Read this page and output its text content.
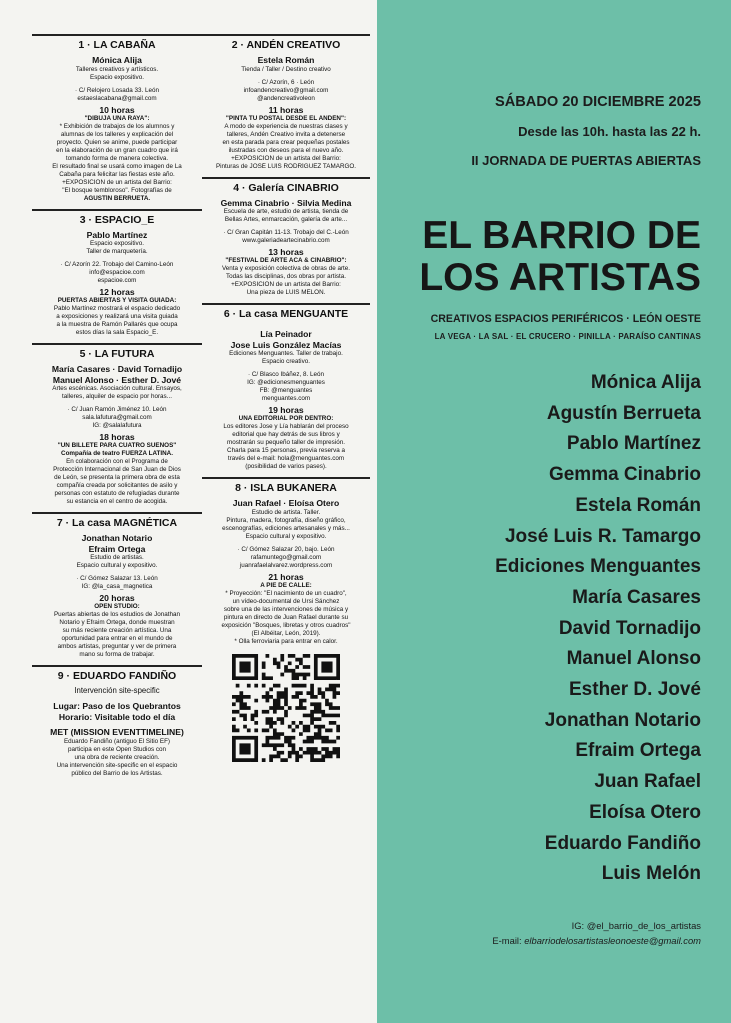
1 · LA CABAÑA
Mónica Alija
Talleres creativos y artísticos.
Espacio expositivo.
· C/ Relojero Losada 33. León
estaeslacabana@gmail.com
10 horas
"DIBUJA UNA RAYA":
* Exhibición de trabajos de los alumnos y
alumnas de los talleres y explicación del
proyecto. Quien se anime, puede participar
en la elaboración de un gran cuadro que irá
tomando forma de manera colectiva.
El resultado final se usará como imagen de La
Cabaña para felicitar las fiestas este año.
+EXPOSICIÓN de un artista del Barrio:
"El bosque tembloroso". Fotografías de
AGUSTÍN BERRUETA.
3 · ESPACIO_E
Pablo Martínez
Espacio expositivo.
Taller de marquetería.
· C/ Azorín 22. Trobajo del Camino-León
info@espacioe.com
espacioe.com
12 horas
PUERTAS ABIERTAS Y VISITA GUIADA:
Pablo Martínez mostrará el espacio dedicado
a exposiciones y realizará una visita guiada
a la muestra de Ramón Pallarés que ocupa
estos días la sala Espacio_E.
5 · LA FUTURA
María Casares · David Tornadijo
Manuel Alonso · Esther D. Jové
Artes escénicas. Asociación cultural. Ensayos,
talleres, alquiler de espacio por horas...
· C/ Juan Ramón Jiménez 10. León
sala.lafutura@gmail.com
IG: @salalafutura
18 horas
"UN BILLETE PARA CUATRO SUEÑOS"
Compañía de teatro FUERZA LATINA.
En colaboración con el Programa de
Protección Internacional de San Juan de Dios
de León, se presenta la primera obra de esta
compañía creada por solicitantes de asilo y
personas con estatuto de refugiadas durante
su estancia en el centro de acogida.
7 · La casa MAGNÉTICA
Jonathan Notario
Efraim Ortega
Estudio de artistas.
Espacio cultural y expositivo.
· C/ Gómez Salazar 13. León
IG: @la_casa_magnetica
20 horas
OPEN STUDIO:
Puertas abiertas de los estudios de Jonathan
Notario y Efraim Ortega, donde muestran
su más reciente creación artística. Una
oportunidad para entrar en el mundo de
ambos artistas, preguntar y ver de primera
mano su forma de trabajar.
9 · EDUARDO FANDIÑO
Intervención site-specific
Lugar: Paso de los Quebrantos
Horario: Visitable todo el día
MET (MISSION EVENTTIMELINE)
Eduardo Fandiño (antiguo El Sitio EF)
participa en este Open Studios con
una obra de reciente creación.
Una intervención site-specific en el espacio
público del Barrio de los Artistas.
2 · ANDÉN CREATIVO
Estela Román
Tienda / Taller / Destino creativo
· C/ Azorín, 6 · León
infoandencreativo@gmail.com
@andencreativoleon
11 horas
"PINTA TU POSTAL DESDE EL ANDÉN":
A modo de experiencia de nuestras clases y
talleres, Andén Creativo invita a detenerse
en esta parada para crear pequeñas postales
ilustradas con deseos para el nuevo año.
+EXPOSICIÓN de un artista del Barrio:
Pinturas de JOSÉ LUIS RODRÍGUEZ TAMARGO.
4 · Galería CINABRIO
Gemma Cinabrio · Silvia Medina
Escuela de arte, estudio de artista, tienda de
Bellas Artes, enmarcación, galería de arte...
· C/ Gran Capitán 11-13. Trobajo del C.-León
www.galeriadeartecinabrio.com
13 horas
"FESTIVAL DE ARTE ACA & CINABRIO":
Venta y exposición colectiva de obras de arte.
Todas las disciplinas, dos obras por artista.
+EXPOSICIÓN de un artista del Barrio:
Una pieza de LUIS MELÓN.
6 · La casa MENGUANTE
Lía Peinador
Jose Luis González Macías
Ediciones Menguantes. Taller de trabajo.
Espacio creativo.
· C/ Blasco Ibáñez, 8. León
IG: @edicionesmenguantes
FB: @menguantes
menguantes.com
19 horas
UNA EDITORIAL POR DENTRO:
Los editores Jose y Lía hablarán del proceso
editorial que hay detrás de sus libros y
mostrarán su pequeño taller de impresión.
Charla para 15 personas, previa reserva a
través del e-mail: hola@menguantes.com
(posibilidad de varios pases).
8 · ISLA BUKANERA
Juan Rafael · Eloísa Otero
Estudio de artista. Taller.
Pintura, madera, fotografía, diseño gráfico,
escenografías, ediciones artesanales y más...
Espacio cultural y expositivo.
· C/ Gómez Salazar 20, bajo. León
rafamuntego@gmail.com
juanrafaelalvarez.wordpress.com
21 horas
A PIE DE CALLE:
* Proyección: "El nacimiento de un cuadro",
un vídeo-documental de Ursi Sánchez
sobre una de las intervenciones de música y
pintura en directo de Juan Rafael durante su
exposición "Bosques, libretas y otros cuadros"
(El Albéitar, León, 2019).
* Olla ferroviaria para entrar en calor.
SÁBADO 20 DICIEMBRE 2025
Desde las 10h. hasta las 22 h.
II JORNADA DE PUERTAS ABIERTAS
EL BARRIO DE
LOS ARTISTAS
CREATIVOS ESPACIOS PERIFÉRICOS · LEÓN OESTE
LA VEGA · LA SAL · EL CRUCERO · PINILLA · PARAÍSO CANTINAS
Mónica Alija
Agustín Berrueta
Pablo Martínez
Gemma Cinabrio
Estela Román
José Luis R. Tamargo
Ediciones Menguantes
María Casares
David Tornadijo
Manuel Alonso
Esther D. Jové
Jonathan Notario
Efraim Ortega
Juan Rafael
Eloísa Otero
Eduardo Fandiño
Luis Melón
IG: @el_barrio_de_los_artistas
E-mail: elbarriodelosartistasleonoeste@gmail.com
